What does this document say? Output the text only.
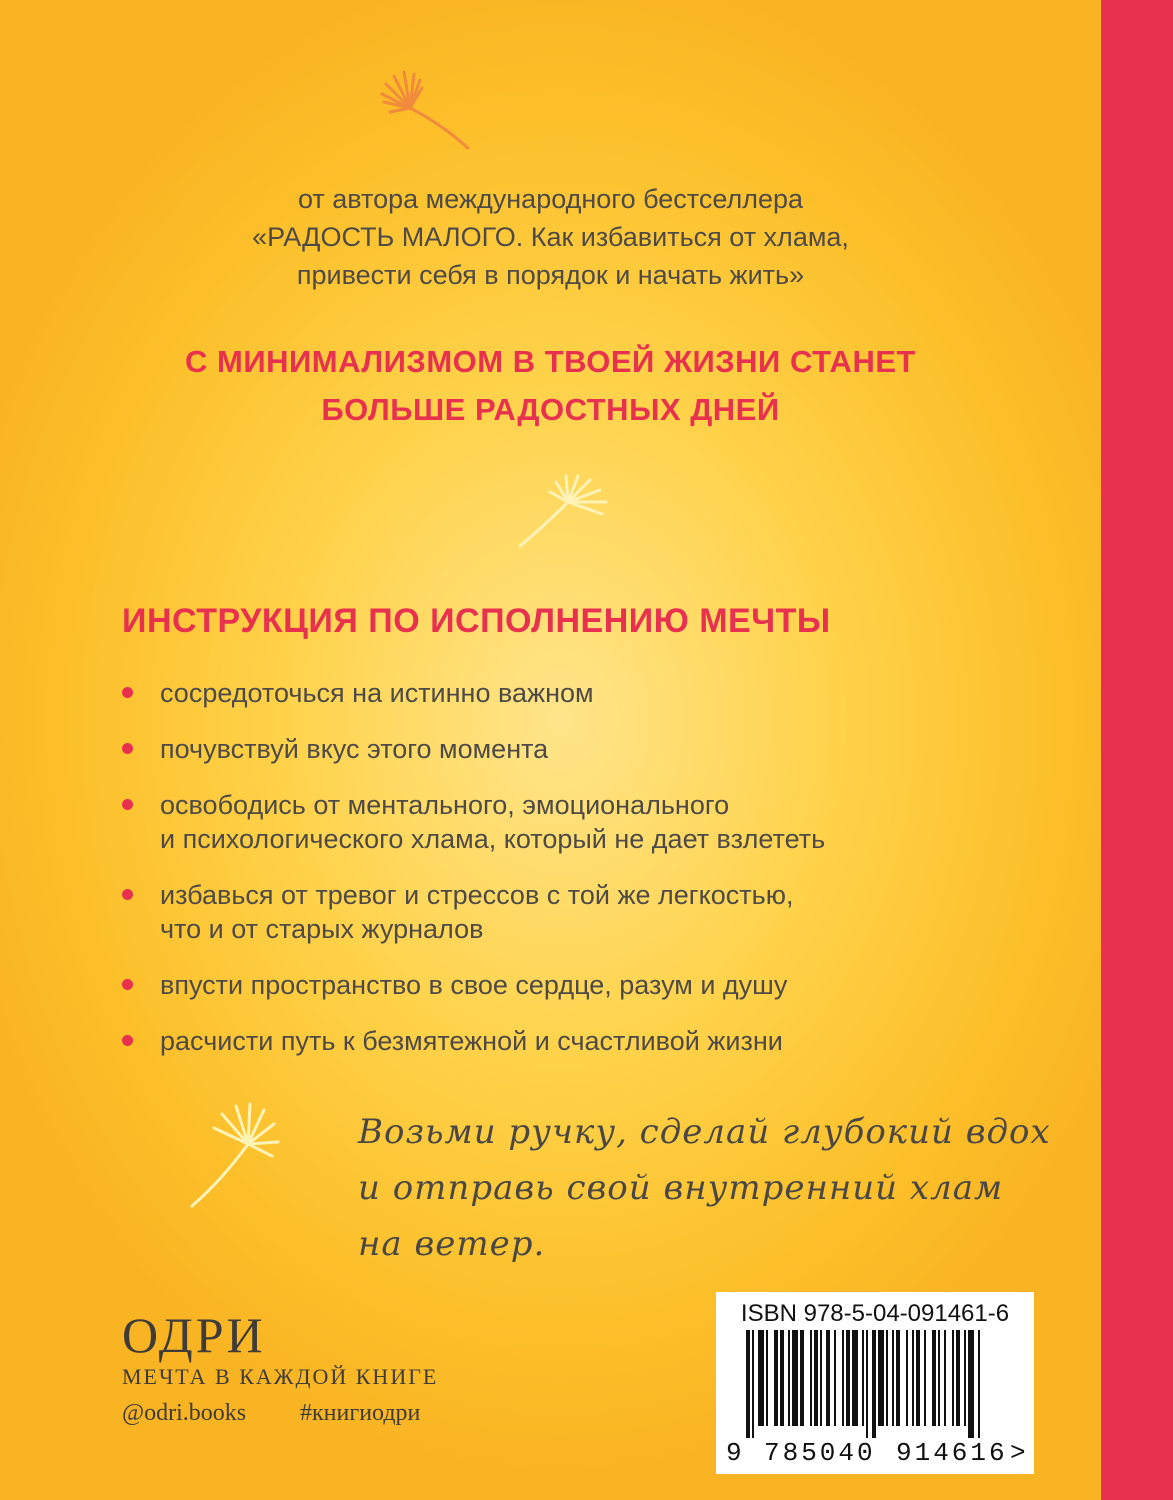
от автора международного бестселлера
«РАДОСТЬ МАЛОГО. Как избавиться от хлама,
привести себя в порядок и начать жить»
С МИНИМАЛИЗМОМ В ТВОЕЙ ЖИЗНИ СТАНЕТ
БОЛЬШЕ РАДОСТНЫХ ДНЕЙ
ИНСТРУКЦИЯ ПО ИСПОЛНЕНИЮ МЕЧТЫ
сосредоточься на истинно важном
почувствуй вкус этого момента
освободись от ментального, эмоционального
и психологического хлама, который не дает взлететь
избавься от тревог и стрессов с той же легкостью,
что и от старых журналов
впусти пространство в свое сердце, разум и душу
расчисти путь к безмятежной и счастливой жизни
Возьми ручку, сделай глубокий вдох
и отправь свой внутренний хлам
на ветер.
ОДРИ
МЕЧТА В КАЖДОЙ КНИГЕ
@odri.books #книгиодри
ISBN 978-5-04-091461-6
9 785040 914616 >
